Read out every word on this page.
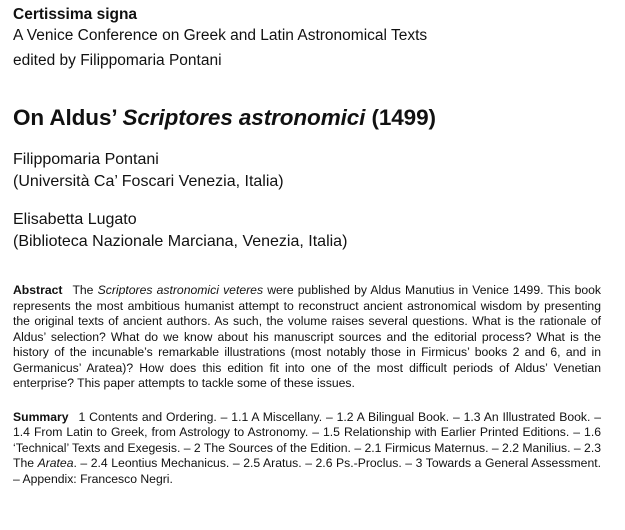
Certissima signa

A Venice Conference on Greek and Latin Astronomical Texts

edited by Filippomaria Pontani

On Aldus’ Scriptores astronomici (1499)
Filippomaria Pontani
(Università Ca’ Foscari Venezia, Italia)
Elisabetta Lugato
(Biblioteca Nazionale Marciana, Venezia, Italia)

Abstract The Scriptores astronomici veteres were published by Aldus Manutius in Venice 1499. This book represents the most ambitious humanist attempt to reconstruct ancient astronomical wisdom by presenting the original texts of ancient authors. As such, the volume raises several questions. What is the rationale of Aldus’ selection? What do we know about his manuscript sources and the editorial process? What is the history of the incunable’s remarkable illustrations (most notably those in Firmicus’ books 2 and 6, and in Germanicus’ Aratea)? How does this edition fit into one of the most difficult periods of Aldus’ Venetian enterprise? This paper attempts to tackle some of these issues.

Summary 1 Contents and Ordering. – 1.1 A Miscellany. – 1.2 A Bilingual Book. – 1.3 An Illustrated Book. – 1.4 From Latin to Greek, from Astrology to Astronomy. – 1.5 Relationship with Earlier Printed Editions. – 1.6 ‘Technical’ Texts and Exegesis. – 2 The Sources of the Edition. – 2.1 Firmicus Maternus. – 2.2 Manilius. – 2.3 The Aratea. – 2.4 Leontius Mechanicus. – 2.5 Aratus. – 2.6 Ps.-Proclus. – 3 Towards a General Assessment. – Appendix: Francesco Negri.
